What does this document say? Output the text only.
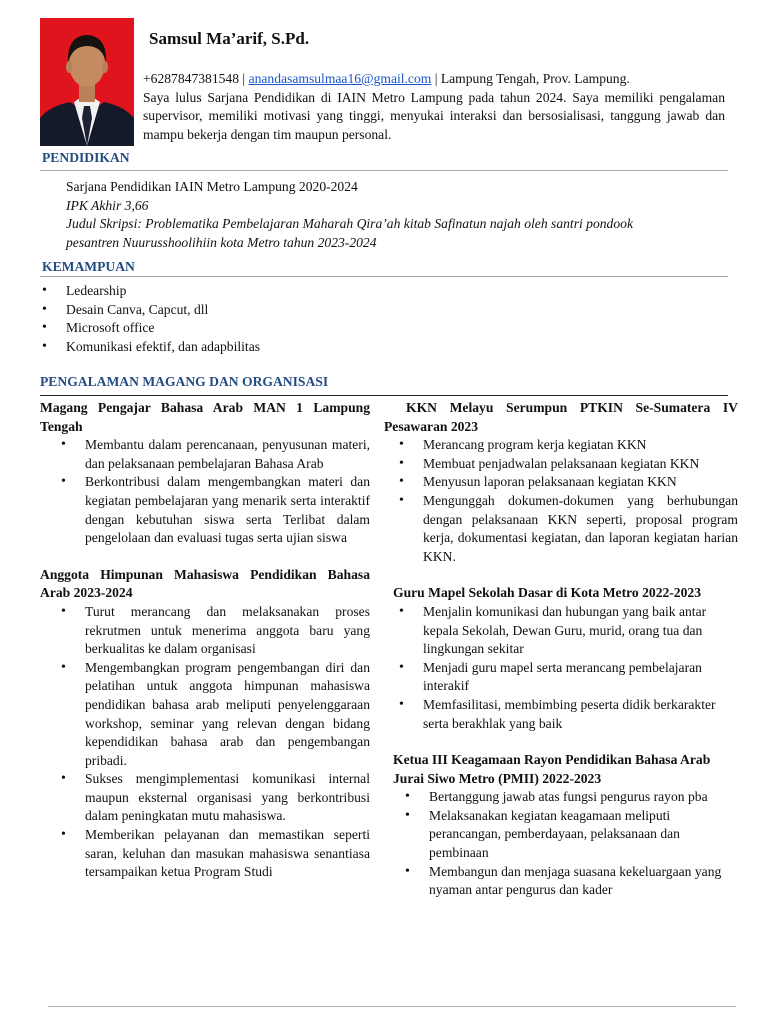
Samsul Ma’arif, S.Pd.
+6287847381548 | anandasamsulmaa16@gmail.com | Lampung Tengah, Prov. Lampung.
Saya lulus Sarjana Pendidikan di IAIN Metro Lampung pada tahun 2024. Saya memiliki pengalaman supervisor, memiliki motivasi yang tinggi, menyukai interaksi dan bersosialisasi, tanggung jawab dan mampu bekerja dengan tim maupun personal.
PENDIDIKAN
Sarjana Pendidikan IAIN Metro Lampung 2020-2024
IPK Akhir 3,66
Judul Skripsi: Problematika Pembelajaran Maharah Qira’ah kitab Safinatun najah oleh santri pondook
pesantren Nuurusshoolihiin kota Metro tahun 2023-2024
KEMAMPUAN
• Ledearship
• Desain Canva, Capcut, dll
• Microsoft office
• Komunikasi efektif, dan adapbilitas
PENGALAMAN MAGANG DAN ORGANISASI
Magang Pengajar Bahasa Arab MAN 1 Lampung Tengah
• Membantu dalam perencanaan, penyusunan materi, dan pelaksanaan pembelajaran Bahasa Arab
• Berkontribusi dalam mengembangkan materi dan kegiatan pembelajaran yang menarik serta interaktif dengan kebutuhan siswa serta Terlibat dalam pengelolaan dan evaluasi tugas serta ujian siswa
Anggota Himpunan Mahasiswa Pendidikan Bahasa Arab 2023-2024
• Turut merancang dan melaksanakan proses rekrutmen untuk menerima anggota baru yang berkualitas ke dalam organisasi
• Mengembangkan program pengembangan diri dan pelatihan untuk anggota himpunan mahasiswa pendidikan bahasa arab meliputi penyelenggaraan workshop, seminar yang relevan dengan bidang kependidikan bahasa arab dan pengembangan pribadi.
• Sukses mengimplementasi komunikasi internal maupun eksternal organisasi yang berkontribusi dalam peningkatan mutu mahasiswa.
• Memberikan pelayanan dan memastikan seperti saran, keluhan dan masukan mahasiswa senantiasa tersampaikan ketua Program Studi
KKN Melayu Serumpun PTKIN Se-Sumatera IV Pesawaran 2023
• Merancang program kerja kegiatan KKN
• Membuat penjadwalan pelaksanaan kegiatan KKN
• Menyusun laporan pelaksanaan kegiatan KKN
• Mengunggah dokumen-dokumen yang berhubungan dengan pelaksanaan KKN seperti, proposal program kerja, dokumentasi kegiatan, dan laporan kegiatan harian KKN.
Guru Mapel Sekolah Dasar di Kota Metro 2022-2023
• Menjalin komunikasi dan hubungan yang baik antar kepala Sekolah, Dewan Guru, murid, orang tua dan lingkungan sekitar
• Menjadi guru mapel serta merancang pembelajaran interakif
• Memfasilitasi, membimbing peserta didik berkarakter serta berakhlak yang baik
Ketua III Keagamaan Rayon Pendidikan Bahasa Arab Jurai Siwo Metro (PMII) 2022-2023
• Bertanggung jawab atas fungsi pengurus rayon pba
• Melaksanakan kegiatan keagamaan meliputi perancangan, pemberdayaan, pelaksanaan dan pembinaan
• Membangun dan menjaga suasana kekeluargaan yang nyaman antar pengurus dan kader
